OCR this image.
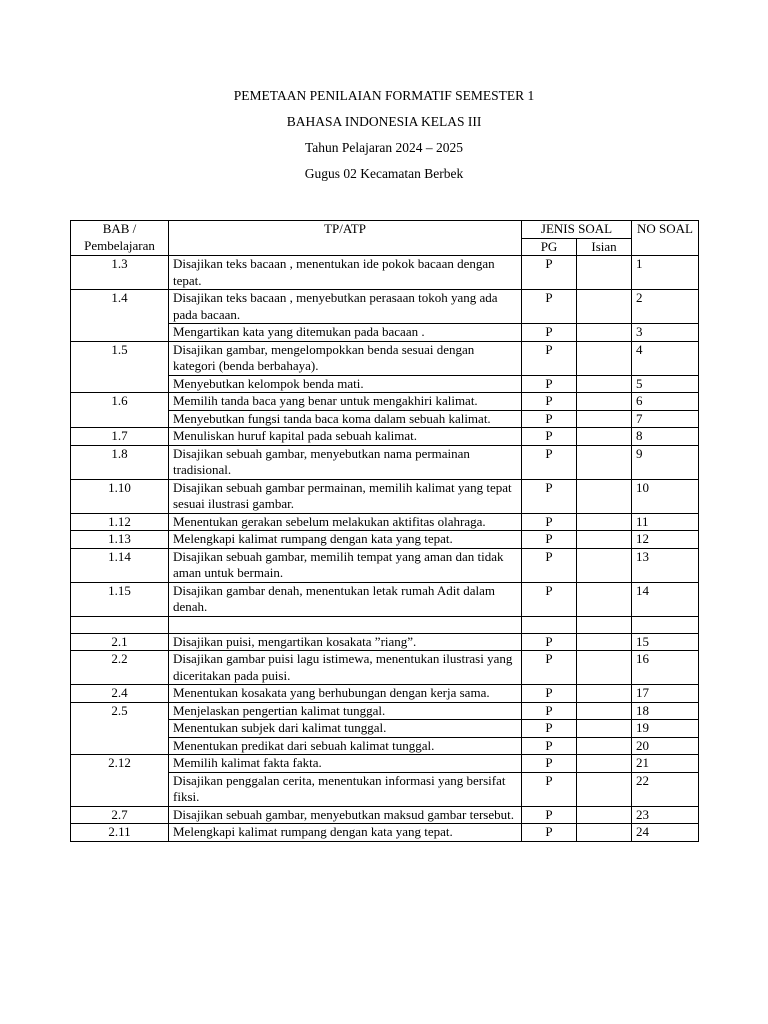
PEMETAAN PENILAIAN FORMATIF SEMESTER 1
BAHASA INDONESIA KELAS III
Tahun Pelajaran 2024 – 2025
Gugus 02 Kecamatan Berbek
BAB / Pembelajaran	TP/ATP	JENIS SOAL		NO SOAL
		PG	Isian	
1.3	Disajikan teks bacaan , menentukan ide pokok bacaan dengan tepat.	P		1
1.4	Disajikan teks bacaan , menyebutkan perasaan tokoh yang ada pada bacaan.	P		2
	Mengartikan kata yang ditemukan pada bacaan .	P		3
1.5	Disajikan gambar, mengelompokkan benda sesuai dengan kategori (benda berbahaya).	P		4
	Menyebutkan kelompok benda mati.	P		5
1.6	Memilih tanda baca yang benar untuk mengakhiri kalimat.	P		6
	Menyebutkan fungsi tanda baca koma dalam sebuah kalimat.	P		7
1.7	Menuliskan huruf kapital pada sebuah kalimat.	P		8
1.8	Disajikan sebuah gambar, menyebutkan nama permainan tradisional.	P		9
1.10	Disajikan sebuah gambar permainan, memilih kalimat yang tepat sesuai ilustrasi gambar.	P		10
1.12	Menentukan gerakan sebelum melakukan aktifitas olahraga.	P		11
1.13	Melengkapi kalimat rumpang dengan kata yang tepat.	P		12
1.14	Disajikan sebuah gambar, memilih tempat yang aman dan tidak aman untuk bermain.	P		13
1.15	Disajikan gambar denah, menentukan letak rumah Adit dalam denah.	P		14

2.1	Disajikan puisi, mengartikan kosakata ”riang”.	P		15
2.2	Disajikan gambar puisi lagu istimewa, menentukan ilustrasi yang diceritakan pada puisi.	P		16
2.4	Menentukan kosakata yang berhubungan dengan kerja sama.	P		17
2.5	Menjelaskan pengertian kalimat tunggal.	P		18
	Menentukan subjek dari kalimat tunggal.	P		19
	Menentukan predikat dari sebuah kalimat tunggal.	P		20
2.12	Memilih kalimat fakta fakta.	P		21
	Disajikan penggalan cerita, menentukan informasi yang bersifat fiksi.	P		22
2.7	Disajikan sebuah gambar, menyebutkan maksud gambar tersebut.	P		23
2.11	Melengkapi kalimat rumpang dengan kata yang tepat.	P		24
